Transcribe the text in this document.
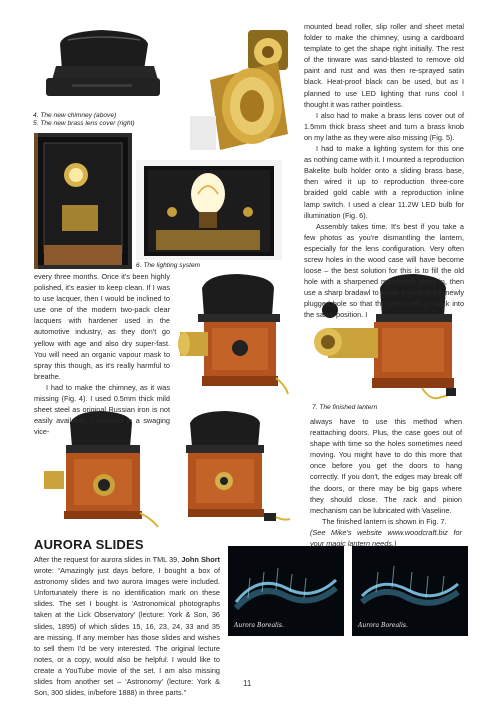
Aurora Borealis.	Aurora Borealis.
4. The new chimney (above)
5. The new brass lens cover (right)
6. The lighting system
7. The finished lantern

mounted bead roller, slip roller and sheet metal folder to make the chimney, using a cardboard template to get the shape right initially. The rest of the tinware was sand-blasted to remove old paint and rust and was then re-sprayed satin black. Heat-proof black can be used, but as I planned to use LED lighting that runs cool I thought it was rather pointless.

I also had to make a brass lens cover out of 1.5mm thick brass sheet and turn a brass knob on my lathe as they were also missing (Fig. 5).

I had to make a lighting system for this one as nothing came with it. I mounted a reproduction Bakelite bulb holder onto a sliding brass base, then wired it up to reproduction three-core braided gold cable with a reproduction inline lamp switch. I used a clear 11.2W LED bulb for illumination (Fig. 6).

Assembly takes time. It's best if you take a few photos as you're dismantling the lantern, especially for the lens configuration. Very often screw holes in the wood case will have become loose – the best solution for this is to fill the old hole with a sharpened matchstick glued in, then use a sharp bradawl to make a pivot in the newly plugged hole so that the screw will go back into the same position. I

every three months. Once it's been highly polished, it's easier to keep clean. If I was to use lacquer, then I would be inclined to use one of the modern two-pack clear lacquers with hardener used in the automotive industry, as they don't go yellow with age and also dry super-fast. You will need an organic vapour mask to spray this though, as it's really harmful to breathe.

I had to make the chimney, as it was missing (Fig. 4). I used 0.5mm thick mild sheet steel as original Russian iron is not easily available. I invested in a swaging vice-

always have to use this method when reattaching doors. Plus, the case goes out of shape with time so the holes sometimes need moving. You might have to do this more that once before you get the doors to hang correctly. If you don't, the edges may break off the doors, or there may be big gaps where they should close. The rack and pinion mechanism can be lubricated with Vaseline.

The finished lantern is shown in Fig. 7.

(See Mike's website www.woodcraft.biz for your magic lantern needs.)

AURORA SLIDES

After the request for aurora slides in TML 39, John Short wrote: “Amazingly just days before, I bought a box of astronomy slides and two aurora images were included. Unfortunately there is no identification mark on these slides. The set I bought is ‘Astronomical photographs taken at the Lick Observatory’ (lecture: York & Son, 36 slides, 1895) of which slides 15, 16, 23, 24, 33 and 35 are missing. If any member has those slides and wishes to sell them I'd be very interested. The original lecture notes, or a copy, would also be helpful. I would like to create a YouTube movie of the set. I am also missing slides from another set – ‘Astronomy’ (lecture: York & Son, 300 slides, in/before 1888) in three parts.”

11
